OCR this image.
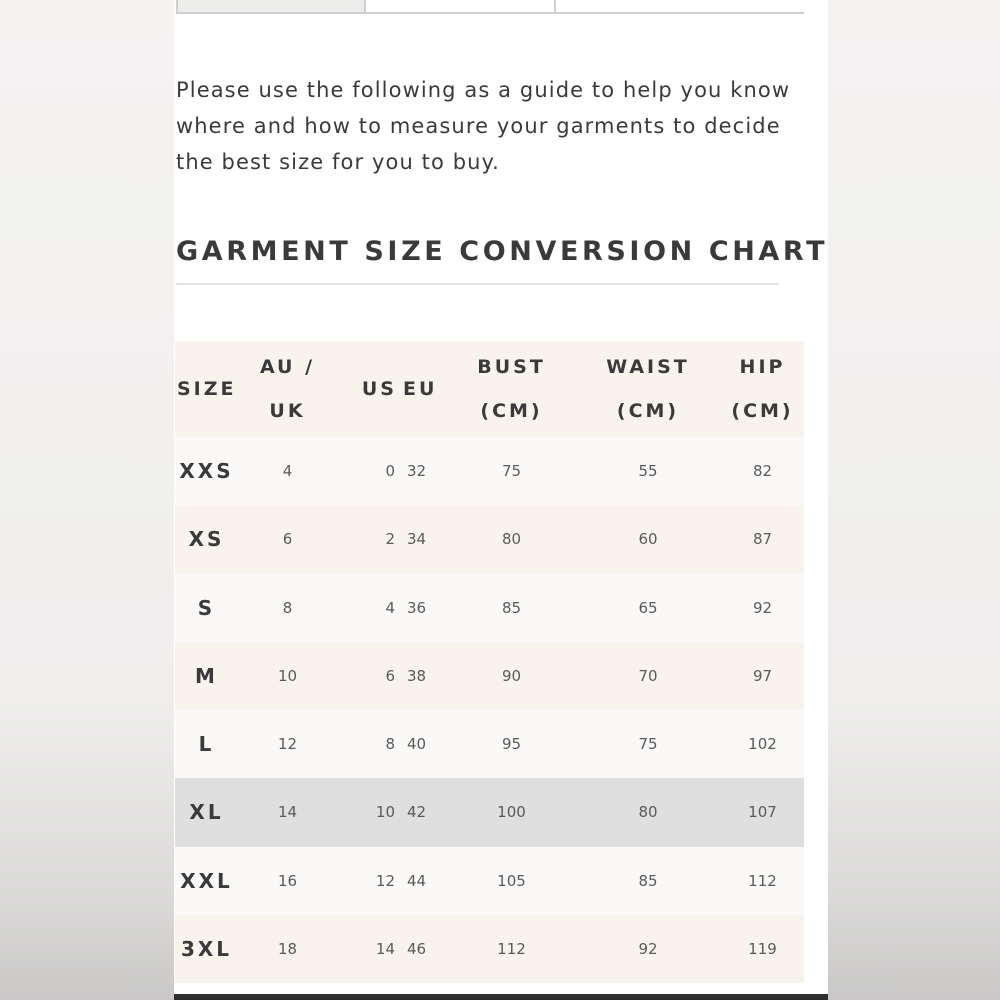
Please use the following as a guide to help you know where and how to measure your garments to decide the best size for you to buy.

GARMENT SIZE CONVERSION CHART
SIZE	AU / UK	US	EU	BUST (CM)	WAIST (CM)	HIP (CM)
XXS	4	0	32	75	55	82
XS	6	2	34	80	60	87
S	8	4	36	85	65	92
M	10	6	38	90	70	97
L	12	8	40	95	75	102
XL	14	10	42	100	80	107
XXL	16	12	44	105	85	112
3XL	18	14	46	112	92	119
